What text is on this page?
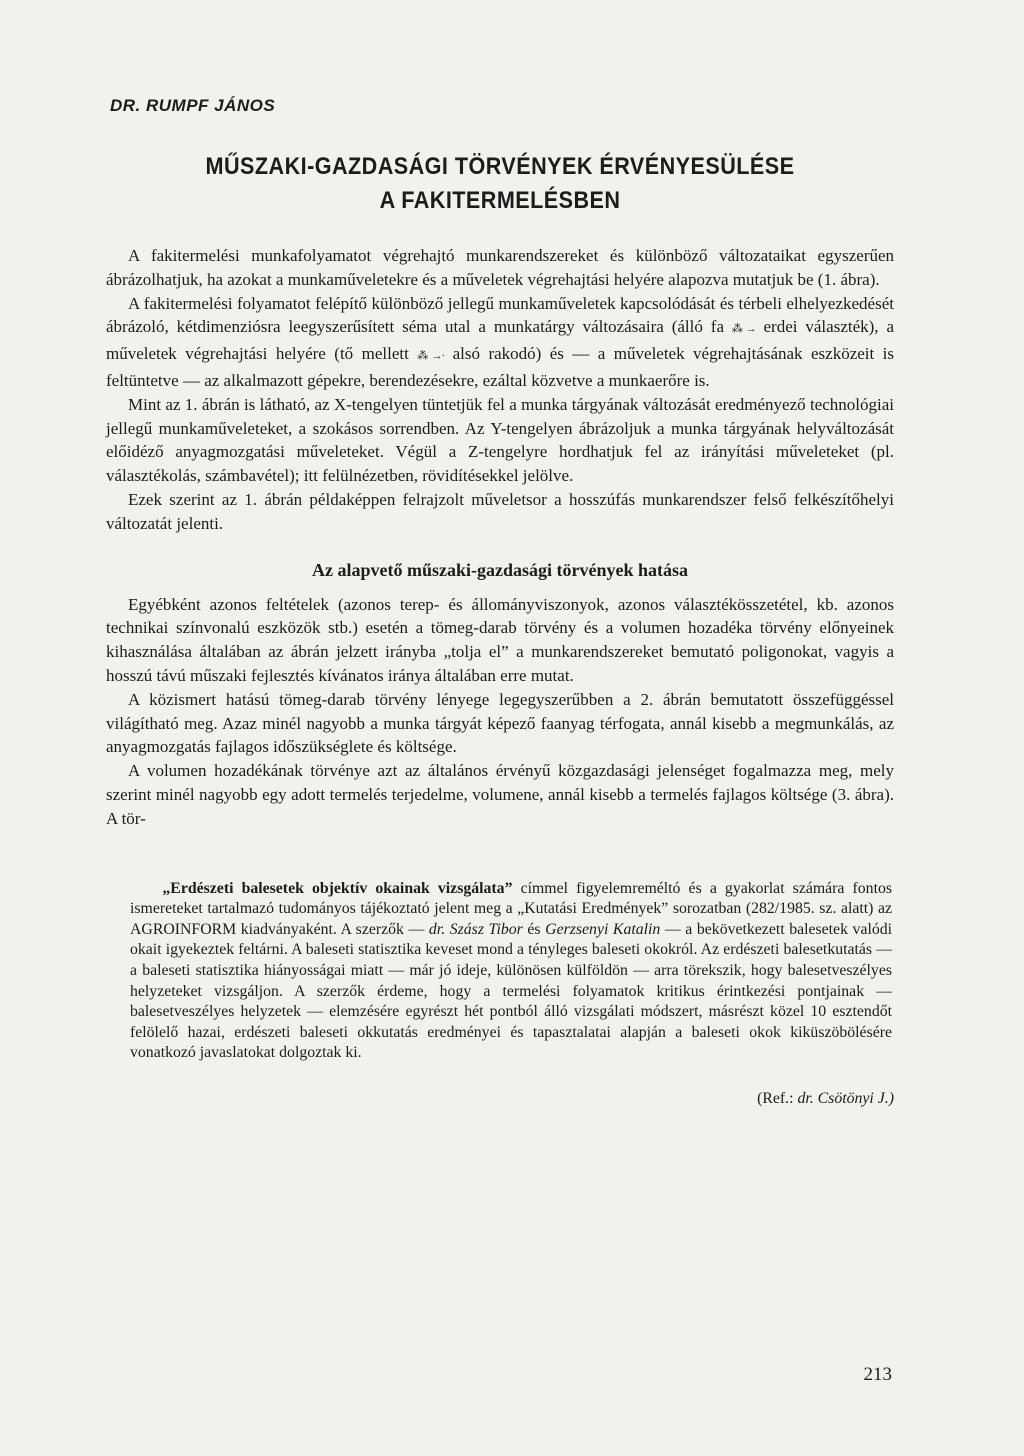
DR. RUMPF JÁNOS
MŰSZAKI-GAZDASÁGI TÖRVÉNYEK ÉRVÉNYESÜLÉSE
A FAKITERMELÉSBEN

A fakitermelési munkafolyamatot végrehajtó munkarendszereket és különböző változataikat egyszerűen ábrázolhatjuk, ha azokat a munkaműveletekre és a műveletek végrehajtási helyére alapozva mutatjuk be (1. ábra).

A fakitermelési folyamatot felépítő különböző jellegű munkaműveletek kapcsolódását és térbeli elhelyezkedését ábrázoló, kétdimenziósra leegyszerűsített séma utal a munkatárgy változásaira (álló fa ⁂→ erdei választék), a műveletek végrehajtási helyére (tő mellett ⁂→· alsó rakodó) és — a műveletek végrehajtásának eszközeit is feltüntetve — az alkalmazott gépekre, berendezésekre, ezáltal közvetve a munkaerőre is.

Mint az 1. ábrán is látható, az X-tengelyen tüntetjük fel a munka tárgyának változását eredményező technológiai jellegű munkaműveleteket, a szokásos sorrendben. Az Y-tengelyen ábrázoljuk a munka tárgyának helyváltozását előidéző anyagmozgatási műveleteket. Végül a Z-tengelyre hordhatjuk fel az irányítási műveleteket (pl. választékolás, számbavétel); itt felülnézetben, rövidítésekkel jelölve.

Ezek szerint az 1. ábrán példaképpen felrajzolt műveletsor a hosszúfás munkarendszer felső felkészítőhelyi változatát jelenti.

Az alapvető műszaki-gazdasági törvények hatása

Egyébként azonos feltételek (azonos terep- és állományviszonyok, azonos választékösszetétel, kb. azonos technikai színvonalú eszközök stb.) esetén a tömeg-darab törvény és a volumen hozadéka törvény előnyeinek kihasználása általában az ábrán jelzett irányba „tolja el” a munkarendszereket bemutató poligonokat, vagyis a hosszú távú műszaki fejlesztés kívánatos iránya általában erre mutat.

A közismert hatású tömeg-darab törvény lényege legegyszerűbben a 2. ábrán bemutatott összefüggéssel világítható meg. Azaz minél nagyobb a munka tárgyát képező faanyag térfogata, annál kisebb a megmunkálás, az anyagmozgatás fajlagos időszükséglete és költsége.

A volumen hozadékának törvénye azt az általános érvényű közgazdasági jelenséget fogalmazza meg, mely szerint minél nagyobb egy adott termelés terjedelme, volumene, annál kisebb a termelés fajlagos költsége (3. ábra). A tör-

„Erdészeti balesetek objektív okainak vizsgálata” címmel figyelemreméltó és a gyakorlat számára fontos ismereteket tartalmazó tudományos tájékoztató jelent meg a „Kutatási Eredmények” sorozatban (282/1985. sz. alatt) az AGROINFORM kiadványaként. A szerzők — dr. Szász Tibor és Gerzsenyi Katalin — a bekövetkezett balesetek valódi okait igyekeztek feltárni. A baleseti statisztika keveset mond a tényleges baleseti okokról. Az erdészeti balesetkutatás — a baleseti statisztika hiányosságai miatt — már jó ideje, különösen külföldön — arra törekszik, hogy balesetveszélyes helyzeteket vizsgáljon. A szerzők érdeme, hogy a termelési folyamatok kritikus érintkezési pontjainak — balesetveszélyes helyzetek — elemzésére egyrészt hét pontból álló vizsgálati módszert, másrészt közel 10 esztendőt felölelő hazai, erdészeti baleseti okkutatás eredményei és tapasztalatai alapján a baleseti okok kiküszöbölésére vonatkozó javaslatokat dolgoztak ki.

(Ref.: dr. Csötönyi J.)
213
